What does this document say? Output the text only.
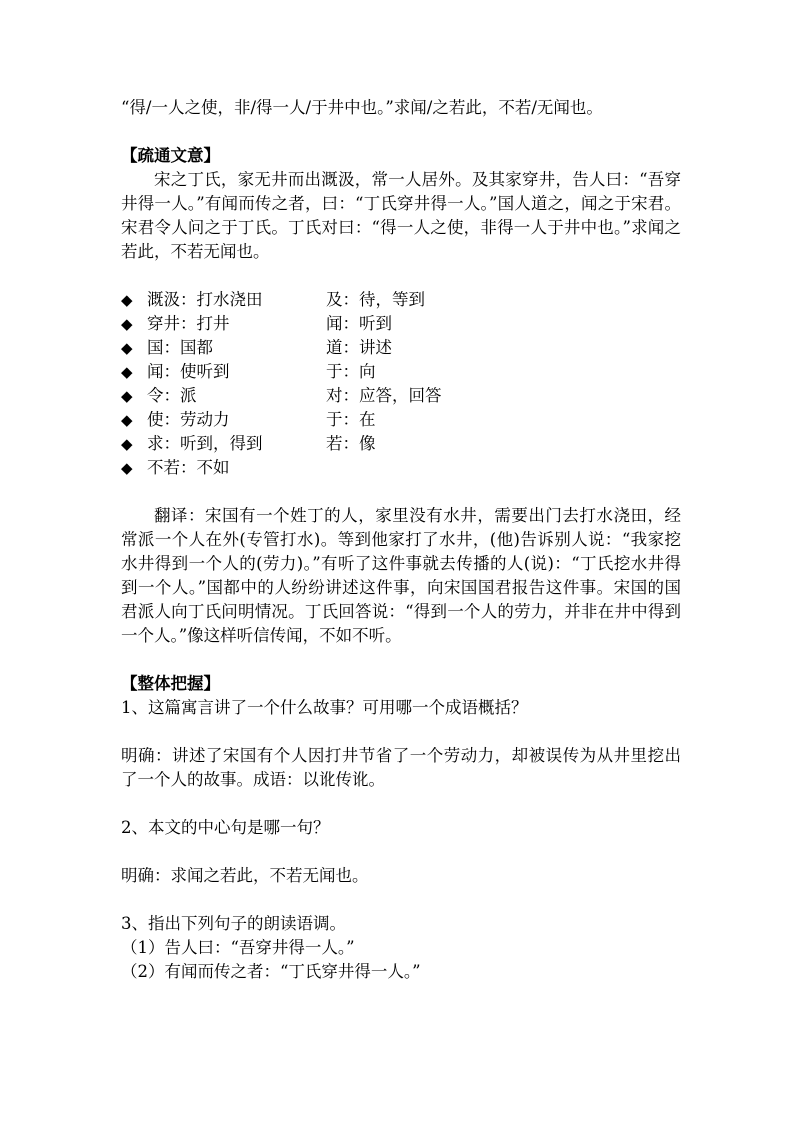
“得/一人之使，非/得一人/于井中也。”求闻/之若此，不若/无闻也。

【疏通文意】

宋之丁氏，家无井而出溉汲，常一人居外。及其家穿井，告人曰：“吾穿井得一人。”有闻而传之者，曰：“丁氏穿井得一人。”国人道之，闻之于宋君。宋君令人问之于丁氏。丁氏对曰：“得一人之使，非得一人于井中也。”求闻之若此，不若无闻也。

◆ 溉汲：打水浇田	及：待，等到
◆ 穿井：打井	闻：听到
◆ 国：国都	道：讲述
◆ 闻：使听到	于：向
◆ 令：派	对：应答，回答
◆ 使：劳动力	于：在
◆ 求：听到，得到	若：像
◆ 不若：不如

翻译：宋国有一个姓丁的人，家里没有水井，需要出门去打水浇田，经常派一个人在外(专管打水)。等到他家打了水井，(他)告诉别人说：“我家挖水井得到一个人的(劳力)。”有听了这件事就去传播的人(说)：“丁氏挖水井得到一个人。”国都中的人纷纷讲述这件事，向宋国国君报告这件事。宋国的国君派人向丁氏问明情况。丁氏回答说：“得到一个人的劳力，并非在井中得到一个人。”像这样听信传闻，不如不听。

【整体把握】

1、这篇寓言讲了一个什么故事？可用哪一个成语概括？

明确：讲述了宋国有个人因打井节省了一个劳动力，却被误传为从井里挖出了一个人的故事。成语：以讹传讹。

2、本文的中心句是哪一句？

明确：求闻之若此，不若无闻也。

3、指出下列句子的朗读语调。

（1）告人曰：“吾穿井得一人。”

（2）有闻而传之者：“丁氏穿井得一人。”
